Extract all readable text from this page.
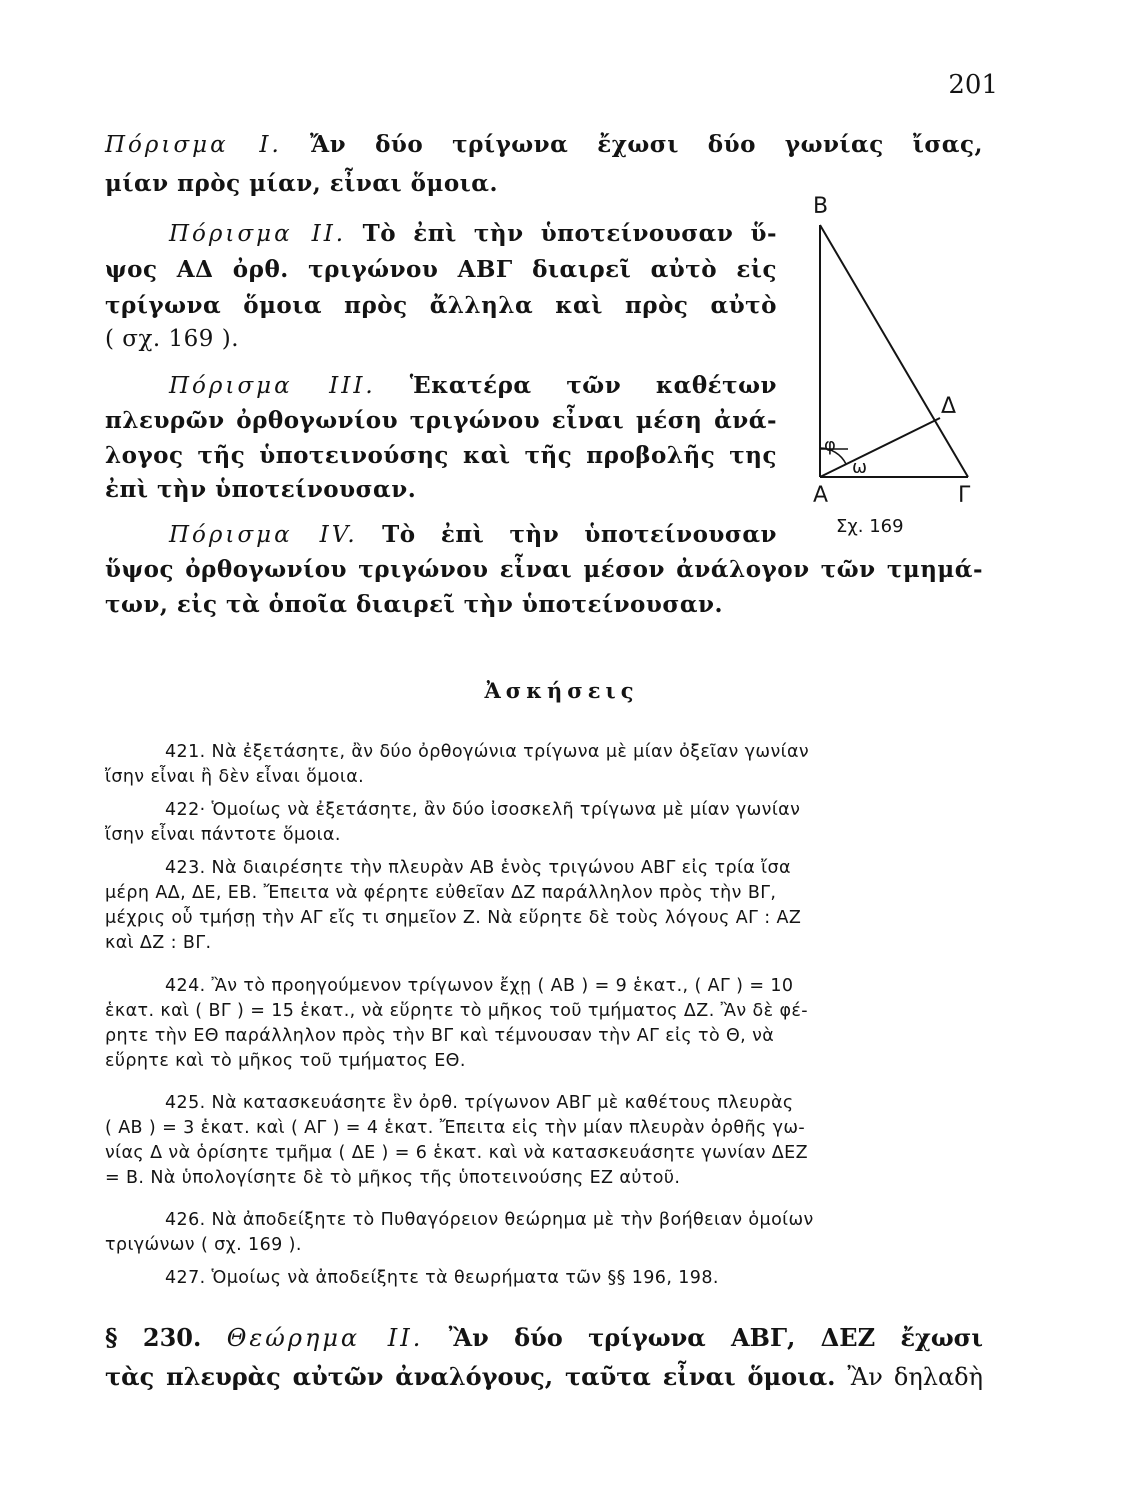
201
Πόρισμα Ι. Ἄν δύο τρίγωνα ἔχωσι δύο γωνίας ἴσας,
μίαν πρὸς μίαν, εἶναι ὅμοια.
Πόρισμα ΙΙ. Τὸ ἐπὶ τὴν ὑποτείνουσαν ὕ-
ψος ΑΔ ὀρθ. τριγώνου ΑΒΓ διαιρεῖ αὐτὸ εἰς
τρίγωνα ὅμοια πρὸς ἄλληλα καὶ πρὸς αὐτὸ
( σχ. 169 ).
Πόρισμα ΙΙΙ. Ἑκατέρα τῶν καθέτων
πλευρῶν ὀρθογωνίου τριγώνου εἶναι μέση ἀνά-
λογος τῆς ὑποτεινούσης καὶ τῆς προβολῆς της
ἐπὶ τὴν ὑποτείνουσαν.
Πόρισμα ΙV. Τὸ ἐπὶ τὴν ὑποτείνουσαν
ὕψος ὀρθογωνίου τριγώνου εἶναι μέσον ἀνάλογον τῶν τμημά-
των, εἰς τὰ ὁποῖα διαιρεῖ τὴν ὑποτείνουσαν.
Β
Δ
Α	Γ
φ
ω
Σχ. 169
Ἀσκήσεις
421. Νὰ ἐξετάσητε, ἂν δύο ὀρθογώνια τρίγωνα μὲ μίαν ὀξεῖαν γωνίαν
ἴσην εἶναι ἢ δὲν εἶναι ὅμοια.
422· Ὁμοίως νὰ ἐξετάσητε, ἂν δύο ἰσοσκελῆ τρίγωνα μὲ μίαν γωνίαν
ἴσην εἶναι πάντοτε ὅμοια.
423. Νὰ διαιρέσητε τὴν πλευρὰν ΑΒ ἑνὸς τριγώνου ΑΒΓ εἰς τρία ἴσα
μέρη ΑΔ, ΔΕ, ΕΒ. Ἔπειτα νὰ φέρητε εὐθεῖαν ΔΖ παράλληλον πρὸς τὴν ΒΓ,
μέχρις οὗ τμήσῃ τὴν ΑΓ εἴς τι σημεῖον Ζ. Νὰ εὕρητε δὲ τοὺς λόγους ΑΓ : ΑΖ
καὶ ΔΖ : ΒΓ.
424. Ἂν τὸ προηγούμενον τρίγωνον ἔχῃ ( ΑΒ ) = 9 ἑκατ., ( ΑΓ ) = 10
ἑκατ. καὶ ( ΒΓ ) = 15 ἑκατ., νὰ εὕρητε τὸ μῆκος τοῦ τμήματος ΔΖ. Ἂν δὲ φέ-
ρητε τὴν ΕΘ παράλληλον πρὸς τὴν ΒΓ καὶ τέμνουσαν τὴν ΑΓ εἰς τὸ Θ, νὰ
εὕρητε καὶ τὸ μῆκος τοῦ τμήματος ΕΘ.
425. Νὰ κατασκευάσητε ἓν ὀρθ. τρίγωνον ΑΒΓ μὲ καθέτους πλευρὰς
( ΑΒ ) = 3 ἑκατ. καὶ ( ΑΓ ) = 4 ἑκατ. Ἔπειτα εἰς τὴν μίαν πλευρὰν ὀρθῆς γω-
νίας Δ νὰ ὁρίσητε τμῆμα ( ΔΕ ) = 6 ἑκατ. καὶ νὰ κατασκευάσητε γωνίαν ΔΕΖ
= Β. Νὰ ὑπολογίσητε δὲ τὸ μῆκος τῆς ὑποτεινούσης ΕΖ αὐτοῦ.
426. Νὰ ἀποδείξητε τὸ Πυθαγόρειον θεώρημα μὲ τὴν βοήθειαν ὁμοίων
τριγώνων ( σχ. 169 ).
427. Ὁμοίως νὰ ἀποδείξητε τὰ θεωρήματα τῶν §§ 196, 198.
§ 230. Θεώρημα ΙΙ. Ἂν δύο τρίγωνα ΑΒΓ, ΔΕΖ ἔχωσι
τὰς πλευρὰς αὐτῶν ἀναλόγους, ταῦτα εἶναι ὅμοια. Ἂν δηλαδὴ
